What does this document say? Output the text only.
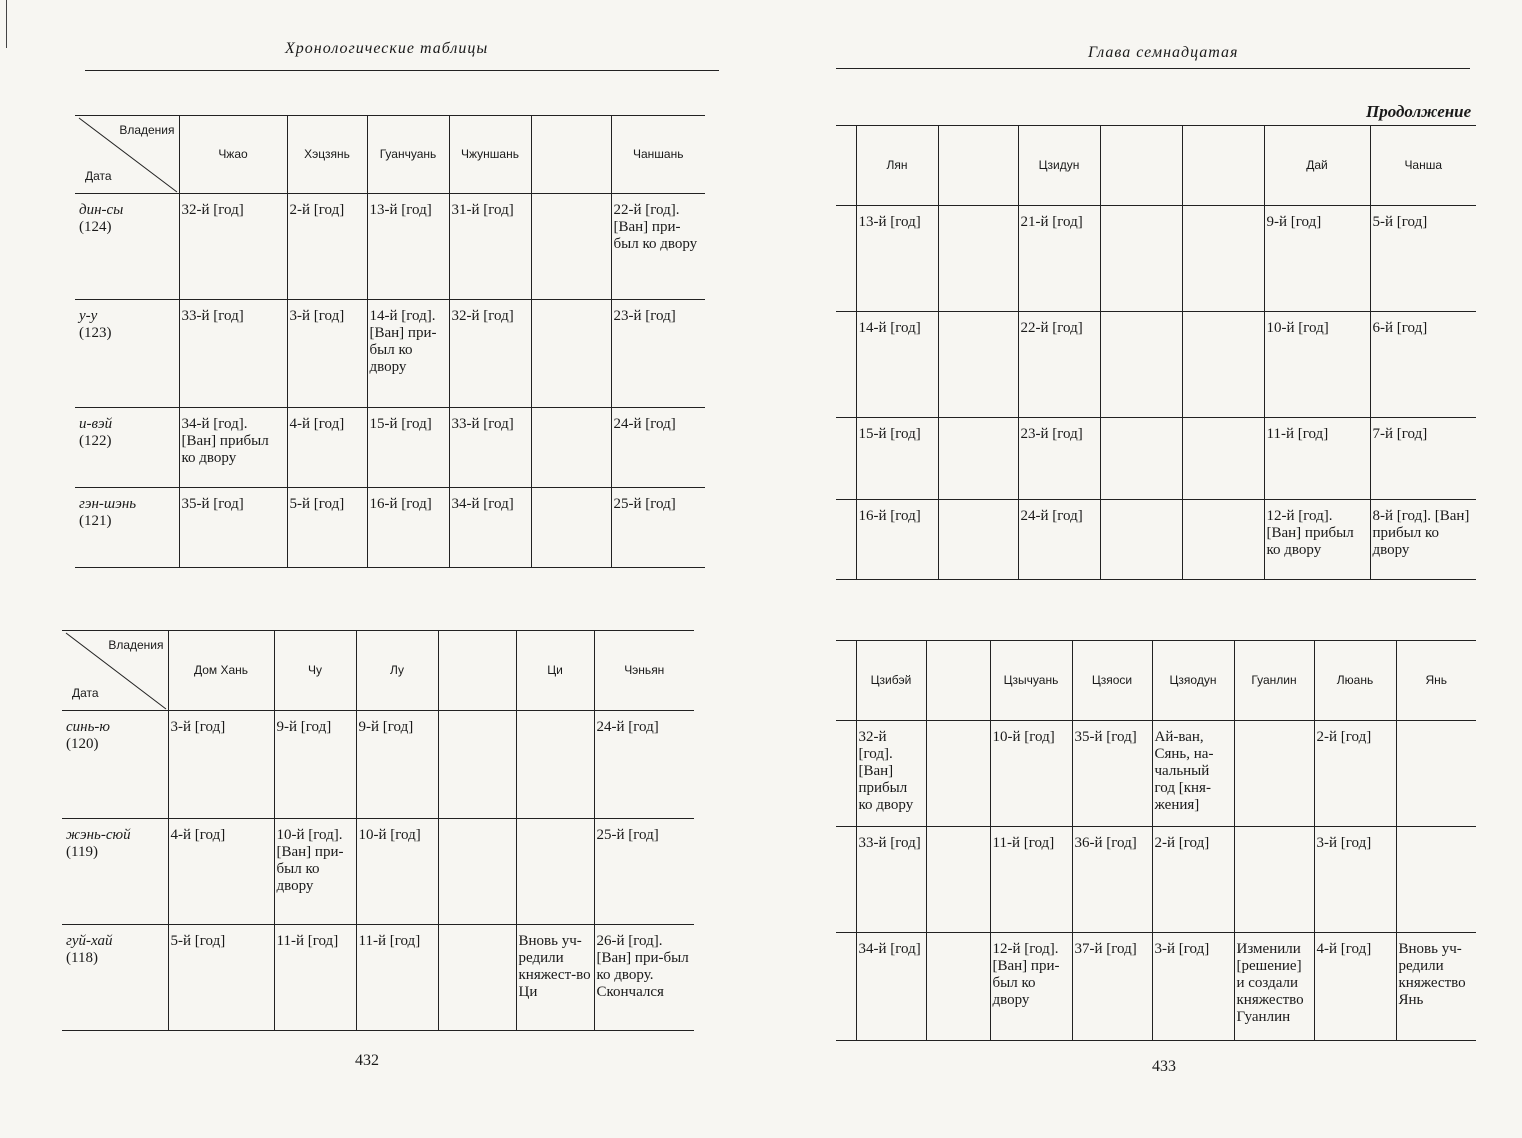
Хронологические таблицы
Владения
Дата	Чжао	Хэцзянь	Гуанчуань	Чжуншань		Чаншань

дин-сы
(124)	32-й [год]	2-й [год]	13-й [год]	31-й [год]		22-й [год]. [Ван] при-был ко двору

у-у
(123)	33-й [год]	3-й [год]	14-й [год]. [Ван] при-был ко двору	32-й [год]		23-й [год]

и-вэй
(122)	34-й [год]. [Ван] прибыл ко двору	4-й [год]	15-й [год]	33-й [год]		24-й [год]

гэн-шэнь
(121)	35-й [год]	5-й [год]	16-й [год]	34-й [год]		25-й [год]
Владения
Дата	Дом Хань	Чу	Лу		Ци	Чэньян

синь-ю
(120)	3-й [год]	9-й [год]	9-й [год]			24-й [год]

жэнь-сюй
(119)	4-й [год]	10-й [год]. [Ван] при-был ко двору	10-й [год]			25-й [год]

гуй-хай
(118)	5-й [год]	11-й [год]	11-й [год]		Вновь уч-редили княжест-во Ци	26-й [год]. [Ван] при-был ко двору. Скончался
432
Глава семнадцатая
Продолжение
	Лян		Цзидун			Дай	Чанша
	13-й [год]		21-й [год]			9-й [год]	5-й [год]
	14-й [год]		22-й [год]			10-й [год]	6-й [год]
	15-й [год]		23-й [год]			11-й [год]	7-й [год]
	16-й [год]		24-й [год]			12-й [год]. [Ван] прибыл ко двору	8-й [год]. [Ван] прибыл ко двору
	Цзибэй		Цзычуань	Цзяоси	Цзяодун	Гуанлин	Люань	Янь
	32-й [год]. [Ван] прибыл ко двору		10-й [год]	35-й [год]	Ай-ван, Сянь, на-чальный год [кня-жения]		2-й [год]	
	33-й [год]		11-й [год]	36-й [год]	2-й [год]		3-й [год]	
	34-й [год]		12-й [год]. [Ван] при-был ко двору	37-й [год]	3-й [год]	Изменили [решение] и создали княжество Гуанлин	4-й [год]	Вновь уч-редили княжество Янь
433
